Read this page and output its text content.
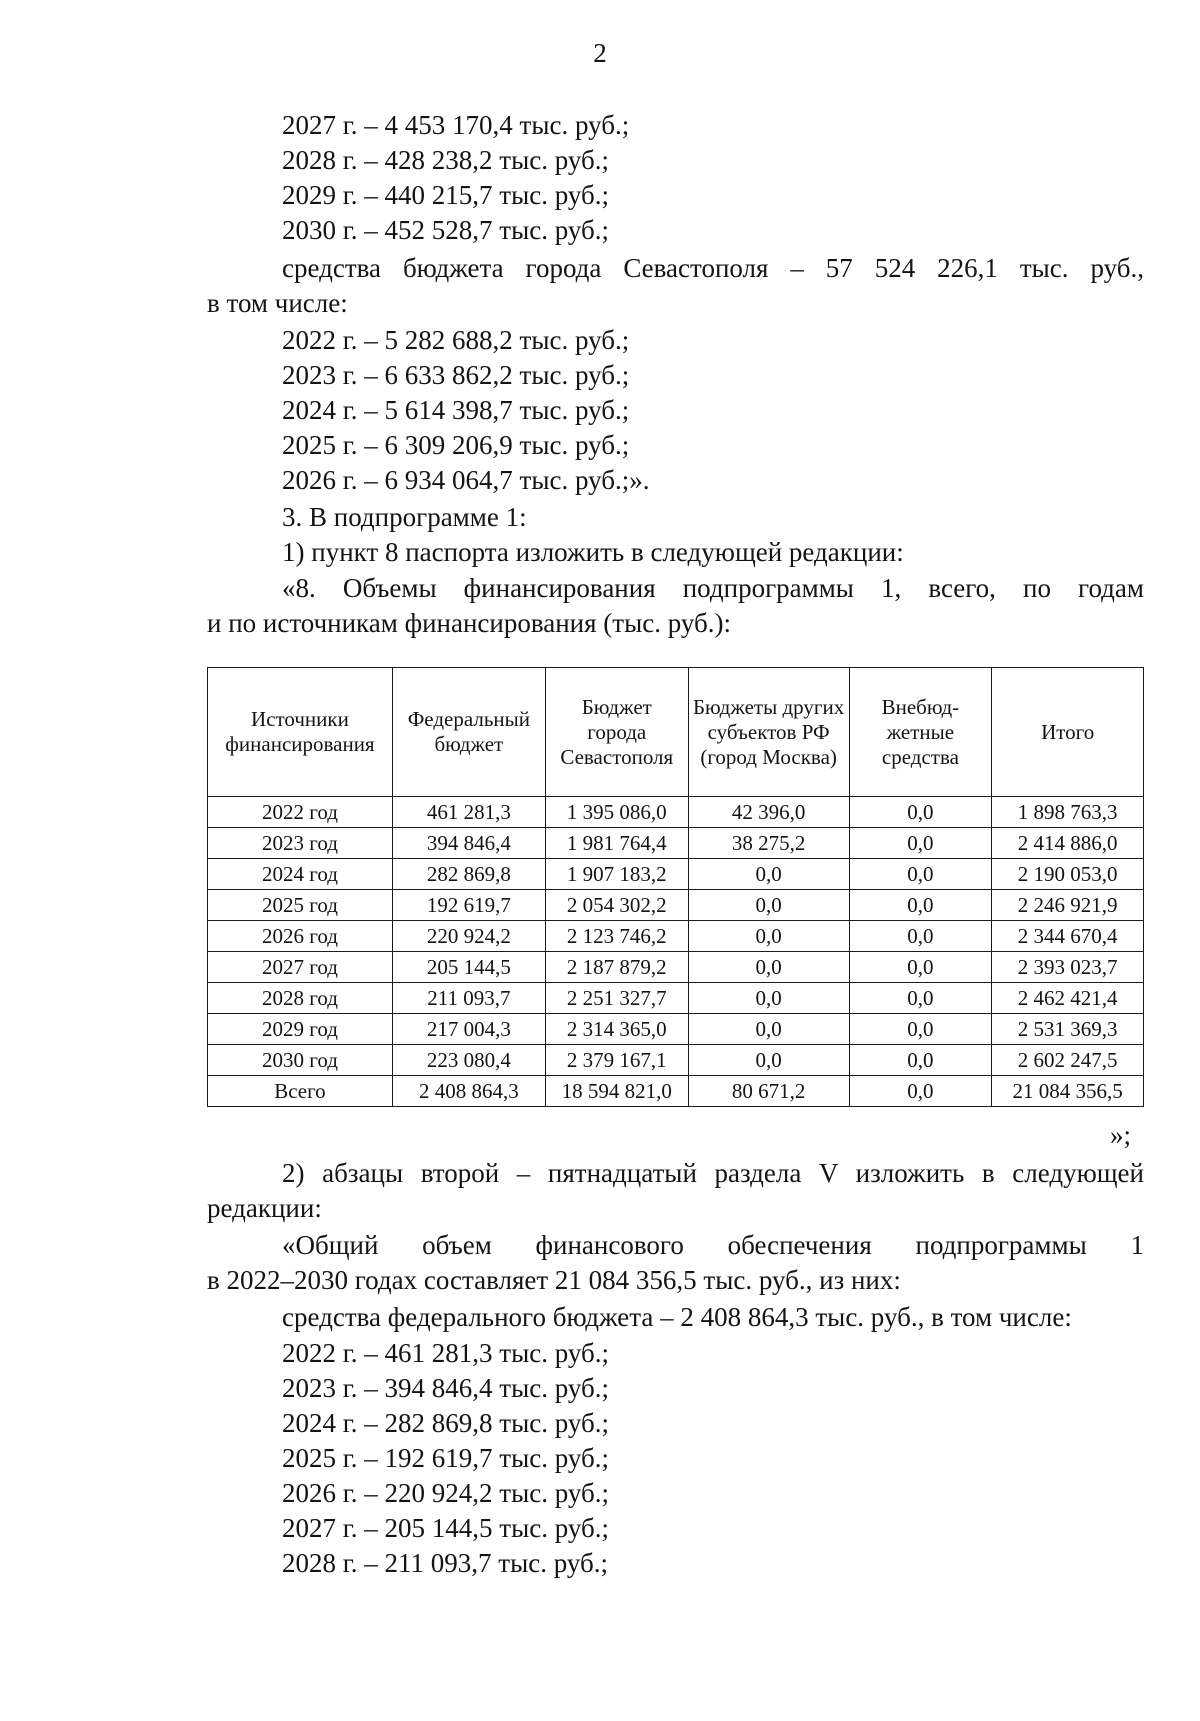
2
2027 г. – 4 453 170,4 тыс. руб.;
2028 г. – 428 238,2 тыс. руб.;
2029 г. – 440 215,7 тыс. руб.;
2030 г. – 452 528,7 тыс. руб.;
средства бюджета города Севастополя – 57 524 226,1 тыс. руб.,
в том числе:
2022 г. – 5 282 688,2 тыс. руб.;
2023 г. – 6 633 862,2 тыс. руб.;
2024 г. – 5 614 398,7 тыс. руб.;
2025 г. – 6 309 206,9 тыс. руб.;
2026 г. – 6 934 064,7 тыс. руб.;».
3. В подпрограмме 1:
1) пункт 8 паспорта изложить в следующей редакции:
«8. Объемы финансирования подпрограммы 1, всего, по годам
и по источникам финансирования (тыс. руб.):
Источники финансирования	Федеральный бюджет	Бюджет города Севастополя	Бюджеты других субъектов РФ (город Москва)	Внебюд-жетные средства	Итого
2022 год	461 281,3	1 395 086,0	42 396,0	0,0	1 898 763,3
2023 год	394 846,4	1 981 764,4	38 275,2	0,0	2 414 886,0
2024 год	282 869,8	1 907 183,2	0,0	0,0	2 190 053,0
2025 год	192 619,7	2 054 302,2	0,0	0,0	2 246 921,9
2026 год	220 924,2	2 123 746,2	0,0	0,0	2 344 670,4
2027 год	205 144,5	2 187 879,2	0,0	0,0	2 393 023,7
2028 год	211 093,7	2 251 327,7	0,0	0,0	2 462 421,4
2029 год	217 004,3	2 314 365,0	0,0	0,0	2 531 369,3
2030 год	223 080,4	2 379 167,1	0,0	0,0	2 602 247,5
Всего	2 408 864,3	18 594 821,0	80 671,2	0,0	21 084 356,5
»;
2) абзацы второй – пятнадцатый раздела V изложить в следующей
редакции:
«Общий объем финансового обеспечения подпрограммы 1
в 2022–2030 годах составляет 21 084 356,5 тыс. руб., из них:
средства федерального бюджета – 2 408 864,3 тыс. руб., в том числе:
2022 г. – 461 281,3 тыс. руб.;
2023 г. – 394 846,4 тыс. руб.;
2024 г. – 282 869,8 тыс. руб.;
2025 г. – 192 619,7 тыс. руб.;
2026 г. – 220 924,2 тыс. руб.;
2027 г. – 205 144,5 тыс. руб.;
2028 г. – 211 093,7 тыс. руб.;
